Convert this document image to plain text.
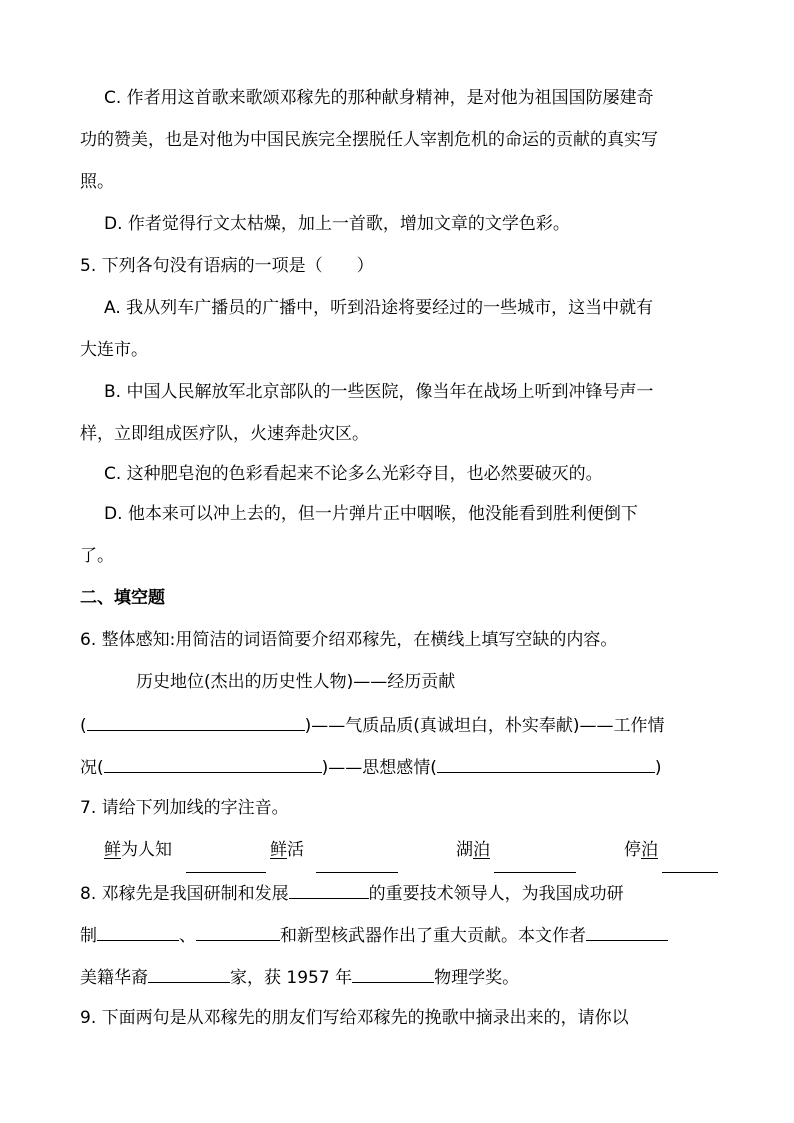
C. 作者用这首歌来歌颂邓稼先的那种献身精神，是对他为祖国国防屡建奇
功的赞美，也是对他为中国民族完全摆脱任人宰割危机的命运的贡献的真实写
照。
D. 作者觉得行文太枯燥，加上一首歌，增加文章的文学色彩。
5. 下列各句没有语病的一项是（　　）
A. 我从列车广播员的广播中，听到沿途将要经过的一些城市，这当中就有
大连市。
B. 中国人民解放军北京部队的一些医院，像当年在战场上听到冲锋号声一
样，立即组成医疗队，火速奔赴灾区。
C. 这种肥皂泡的色彩看起来不论多么光彩夺目，也必然要破灭的。
D. 他本来可以冲上去的，但一片弹片正中咽喉，他没能看到胜利便倒下
了。
二、填空题
6. 整体感知:用简洁的词语简要介绍邓稼先，在横线上填写空缺的内容。
历史地位(杰出的历史性人物)——经历贡献
(	)——气质品质(真诚坦白，朴实奉献)——工作情
况(	)——思想感情(	)
7. 请给下列加线的字注音。
鲜为人知	鲜活	湖泊	停泊
8. 邓稼先是我国研制和发展	的重要技术领导人，为我国成功研
制	、	和新型核武器作出了重大贡献。本文作者
美籍华裔	家，获 1957 年	物理学奖。
9. 下面两句是从邓稼先的朋友们写给邓稼先的挽歌中摘录出来的，请你以
